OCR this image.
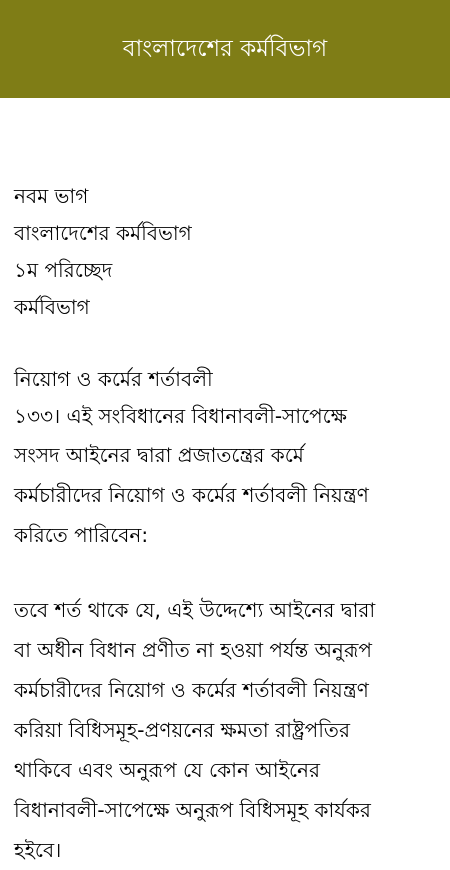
বাংলাদেশের কর্মবিভাগ
নবম ভাগ
বাংলাদেশের কর্মবিভাগ
১ম পরিচ্ছেদ
কর্মবিভাগ
নিয়োগ ও কর্মের শর্তাবলী
১৩৩। এই সংবিধানের বিধানাবলী-সাপেক্ষে
সংসদ আইনের দ্বারা প্রজাতন্ত্রের কর্মে
কর্মচারীদের নিয়োগ ও কর্মের শর্তাবলী নিয়ন্ত্রণ
করিতে পারিবেন:
তবে শর্ত থাকে যে, এই উদ্দেশ্যে আইনের দ্বারা
বা অধীন বিধান প্রণীত না হওয়া পর্যন্ত অনুরূপ
কর্মচারীদের নিয়োগ ও কর্মের শর্তাবলী নিয়ন্ত্রণ
করিয়া বিধিসমূহ-প্রণয়নের ক্ষমতা রাষ্ট্রপতির
থাকিবে এবং অনুরূপ যে কোন আইনের
বিধানাবলী-সাপেক্ষে অনুরূপ বিধিসমূহ কার্যকর
হইবে।
